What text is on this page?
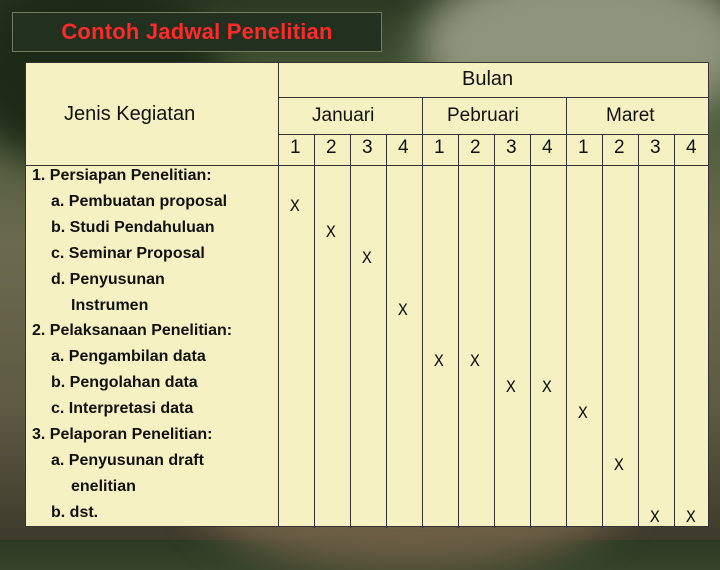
Contoh Jadwal Penelitian
Jenis Kegiatan
Bulan
Januari	Pebruari	Maret
1 2 3 4 1 2 3 4 1 2 3 4
1. Persiapan Penelitian:
a. Pembuatan proposal
b. Studi Pendahuluan
c. Seminar Proposal
d. Penyusunan
Instrumen
2. Pelaksanaan Penelitian:
a. Pengambilan data
b. Pengolahan data
c. Interpretasi data
3. Pelaporan Penelitian:
a. Penyusunan draft
enelitian
b. dst.
X
X
X
X
X X
X X
X
X
X X
